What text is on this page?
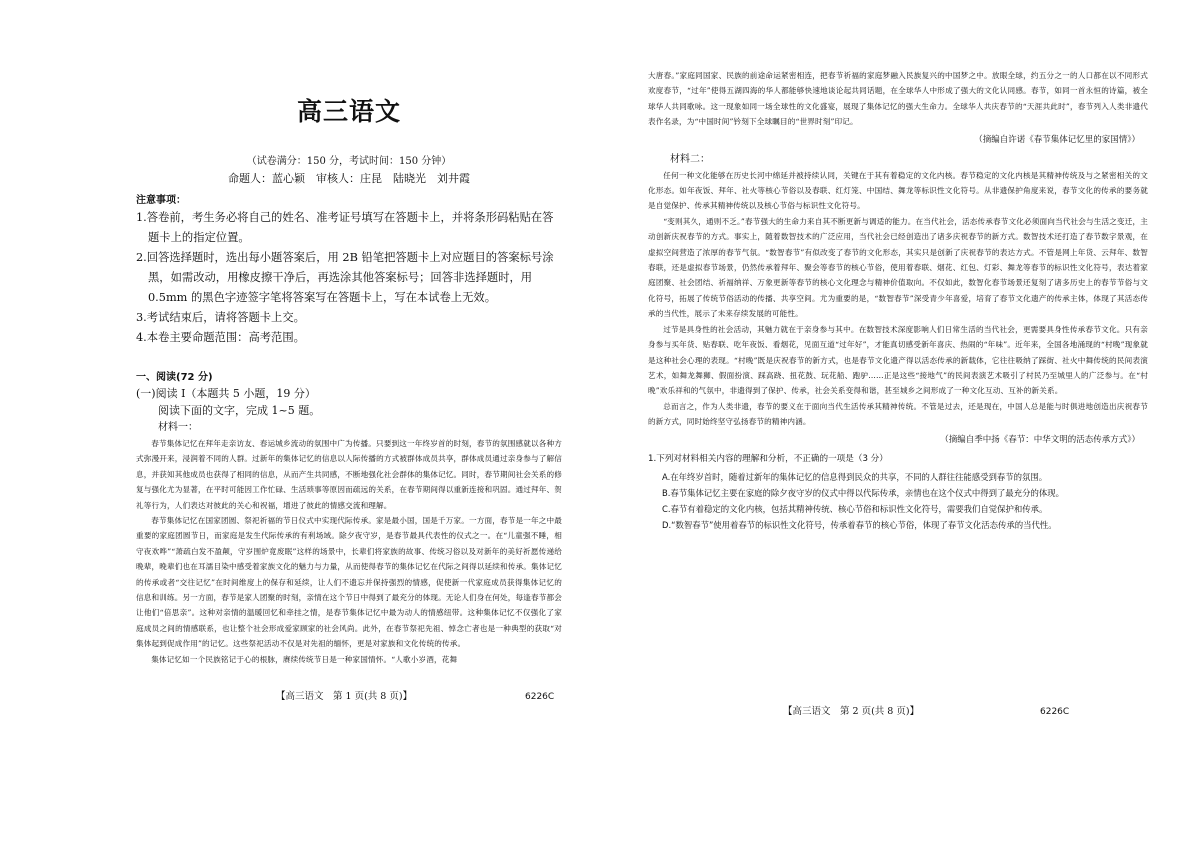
高三语文

（试卷满分：150 分，考试时间：150 分钟）

命题人：蓝心颖　审核人：庄昆　陆晓光　刘井霞

注意事项：

1.答卷前，考生务必将自己的姓名、准考证号填写在答题卡上，并将条形码粘贴在答题卡上的指定位置。

2.回答选择题时，选出每小题答案后，用 2B 铅笔把答题卡上对应题目的答案标号涂黑，如需改动，用橡皮擦干净后，再选涂其他答案标号；回答非选择题时，用 0.5mm 的黑色字迹签字笔将答案写在答题卡上，写在本试卷上无效。

3.考试结束后，请将答题卡上交。

4.本卷主要命题范围：高考范围。

一、阅读(72 分)

(一)阅读 I（本题共 5 小题，19 分）

阅读下面的文字，完成 1~5 题。

材料一：

春节集体记忆在拜年走亲访友、春运城乡流动的氛围中广为传播。只要到这一年终岁首的时刻，春节的氛围感就以各种方式弥漫开来，浸润着不同的人群。过新年的集体记忆的信息以人际传播的方式被群体成员共享，群体成员通过亲身参与了解信息，并获知其他成员也获得了相同的信息，从而产生共同感，不断地强化社会群体的集体记忆。同时，春节期间社会关系的修复与强化尤为显著，在平时可能因工作忙碌、生活琐事等原因而疏远的关系，在春节期间得以重新连接和巩固。通过拜年、贺礼等行为，人们表达对彼此的关心和祝福，增进了彼此的情感交流和理解。

春节集体记忆在国家团圆、祭祀祈福的节日仪式中实现代际传承。家是最小国，国是千万家。一方面，春节是一年之中最重要的家庭团圆节日，而家庭是发生代际传承的有利场域。除夕夜守岁，是春节最具代表性的仪式之一。在“儿童强不睡，相守夜欢哗”“萧疏白发不盈颠，守岁围炉竟废眠”这样的场景中，长辈们将家族的故事、传统习俗以及对新年的美好祈愿传递给晚辈，晚辈们也在耳濡目染中感受着家族文化的魅力与力量，从而使得春节的集体记忆在代际之间得以延续和传承。集体记忆的传承或者“交往记忆”在时间维度上的保存和延续，让人们不遗忘并保持强烈的情感，促使新一代家庭成员获得集体记忆的信息和训练。另一方面，春节是家人团聚的时刻，亲情在这个节日中得到了最充分的体现。无论人们身在何处，每逢春节都会让他们“倍思亲”。这种对亲情的温暖回忆和牵挂之情，是春节集体记忆中最为动人的情感纽带。这种集体记忆不仅强化了家庭成员之间的情感联系，也让整个社会形成爱家顾家的社会风尚。此外，在春节祭祀先祖、悼念亡者也是一种典型的获取“对集体起到促成作用”的记忆。这些祭祀活动不仅是对先祖的缅怀，更是对家族和文化传统的传承。

集体记忆如一个民族铭记于心的根脉，赓续传统节日是一种家国情怀。“人歌小岁酒，花舞

大唐春。”家庭同国家、民族的前途命运紧密相连，把春节祈福的家庭梦融入民族复兴的中国梦之中。放眼全球，约五分之一的人口都在以不同形式欢度春节，“过年”使得五湖四海的华人都能够快速地谈论起共同话题，在全球华人中形成了强大的文化认同感。春节，如同一首永恒的诗篇，被全球华人共同歌咏。这一现象如同一场全球性的文化盛宴，展现了集体记忆的强大生命力。全球华人共庆春节的“天涯共此时”，春节列入人类非遗代表作名录，为“中国时间”钤刻下全球瞩目的“世界时刻”印记。

（摘编自许诺《春节集体记忆里的家国情》）

材料二：

任何一种文化能够在历史长河中绵延并被持续认同，关键在于其有着稳定的文化内核。春节稳定的文化内核是其精神传统及与之紧密相关的文化形态。如年夜饭、拜年、社火等核心节俗以及春联、红灯笼、中国结、舞龙等标识性文化符号。从非遗保护角度来说，春节文化的传承的要务就是自觉保护、传承其精神传统以及核心节俗与标识性文化符号。

“变则其久，通则不乏。”春节强大的生命力来自其不断更新与调适的能力。在当代社会，活态传承春节文化必须面向当代社会与生活之变迁，主动创新庆祝春节的方式。事实上，随着数智技术的广泛应用，当代社会已经创造出了诸多庆祝春节的新方式。数智技术还打造了春节数字景观，在虚拟空间营造了浓厚的春节气氛。“数智春节”有似改变了春节的文化形态，其实只是创新了庆祝春节的表达方式。不管是网上年货、云拜年、数智春联，还是虚拟春节场景，仍然传承着拜年、聚会等春节的核心节俗，使用着春联、烟花、红包、灯彩、舞龙等春节的标识性文化符号，表达着家庭团聚、社会团结、祈福纳祥、万象更新等春节的核心文化理念与精神价值取向。不仅如此，数智化春节场景还复刻了诸多历史上的春节节俗与文化符号，拓展了传统节俗活动的传播、共享空间。尤为重要的是，“数智春节”深受青少年喜爱，培育了春节文化遗产的传承主体，体现了其活态传承的当代性，展示了未来存续发展的可能性。

过节是具身性的社会活动，其魅力就在于亲身参与其中。在数智技术深度影响人们日常生活的当代社会，更需要具身性传承春节文化。只有亲身参与买年货、贴春联、吃年夜饭、看烟花，见面互道“过年好”，才能真切感受新年喜庆、热闹的“年味”。近年来，全国各地涌现的“村晚”现象就是这种社会心理的表现。“村晚”既是庆祝春节的新方式，也是春节文化遗产得以活态传承的新载体，它往往吸纳了踩街、社火中舞传统的民间表演艺术，如舞龙舞狮、假面扮演、踩高跷、扭花鼓、玩花船、跑驴……正是这些“接地气”的民间表演艺术吸引了村民乃至城里人的广泛参与。在“村晚”欢乐祥和的气氛中，非遗得到了保护、传承，社会关系变得和谐，甚至城乡之间形成了一种文化互动、互补的新关系。

总而言之，作为人类非遗，春节的要义在于面向当代生活传承其精神传统。不管是过去，还是现在，中国人总是能与时俱进地创造出庆祝春节的新方式，同时始终坚守弘扬春节的精神内涵。

（摘编自季中扬《春节：中华文明的活态传承方式》）

1.下列对材料相关内容的理解和分析，不正确的一项是（3 分）

A.在年终岁首时，随着过新年的集体记忆的信息得到民众的共享，不同的人群往往能感受到春节的氛围。

B.春节集体记忆主要在家庭的除夕夜守岁的仪式中得以代际传承，亲情也在这个仪式中得到了最充分的体现。

C.春节有着稳定的文化内核，包括其精神传统、核心节俗和标识性文化符号，需要我们自觉保护和传承。

D.“数智春节”使用着春节的标识性文化符号，传承着春节的核心节俗，体现了春节文化活态传承的当代性。

【高三语文　第 1 页(共 8 页)】	6226C
【高三语文　第 2 页(共 8 页)】	6226C
